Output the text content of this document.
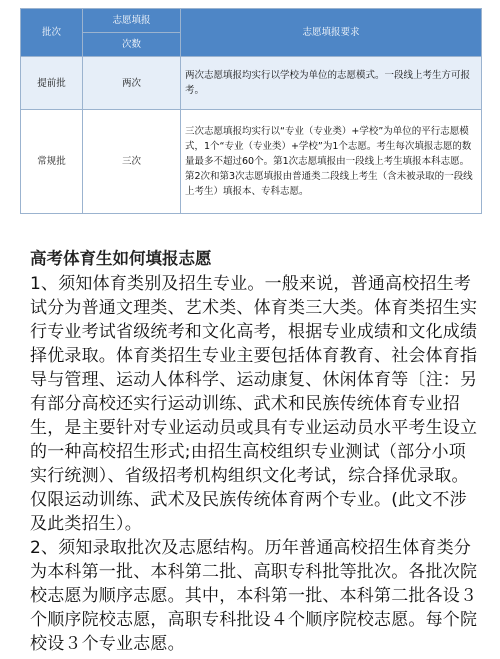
批次	志愿填报	志愿填报要求
	次数	
提前批	两次	两次志愿填报均实行以学校为单位的志愿模式。一段线上考生方可报考。
常规批	三次	三次志愿填报均实行以“专业（专业类）+学校”为单位的平行志愿模式，1个“专业（专业类）+学校”为1个志愿。考生每次填报志愿的数量最多不超过60个。第1次志愿填报由一段线上考生填报本科志愿。第2次和第3次志愿填报由普通类二段线上考生（含未被录取的一段线上考生）填报本、专科志愿。
高考体育生如何填报志愿

1、须知体育类别及招生专业。一般来说，普通高校招生考试分为普通文理类、艺术类、体育类三大类。体育类招生实行专业考试省级统考和文化高考，根据专业成绩和文化成绩择优录取。体育类招生专业主要包括体育教育、社会体育指导与管理、运动人体科学、运动康复、休闲体育等〔注：另有部分高校还实行运动训练、武术和民族传统体育专业招生，是主要针对专业运动员或具有专业运动员水平考生设立的一种高校招生形式;由招生高校组织专业测试（部分小项实行统测）、省级招考机构组织文化考试，综合择优录取。仅限运动训练、武术及民族传统体育两个专业。(此文不涉及此类招生）。

2、须知录取批次及志愿结构。历年普通高校招生体育类分为本科第一批、本科第二批、高职专科批等批次。各批次院校志愿为顺序志愿。其中，本科第一批、本科第二批各设３个顺序院校志愿，高职专科批设４个顺序院校志愿。每个院校设３个专业志愿。
